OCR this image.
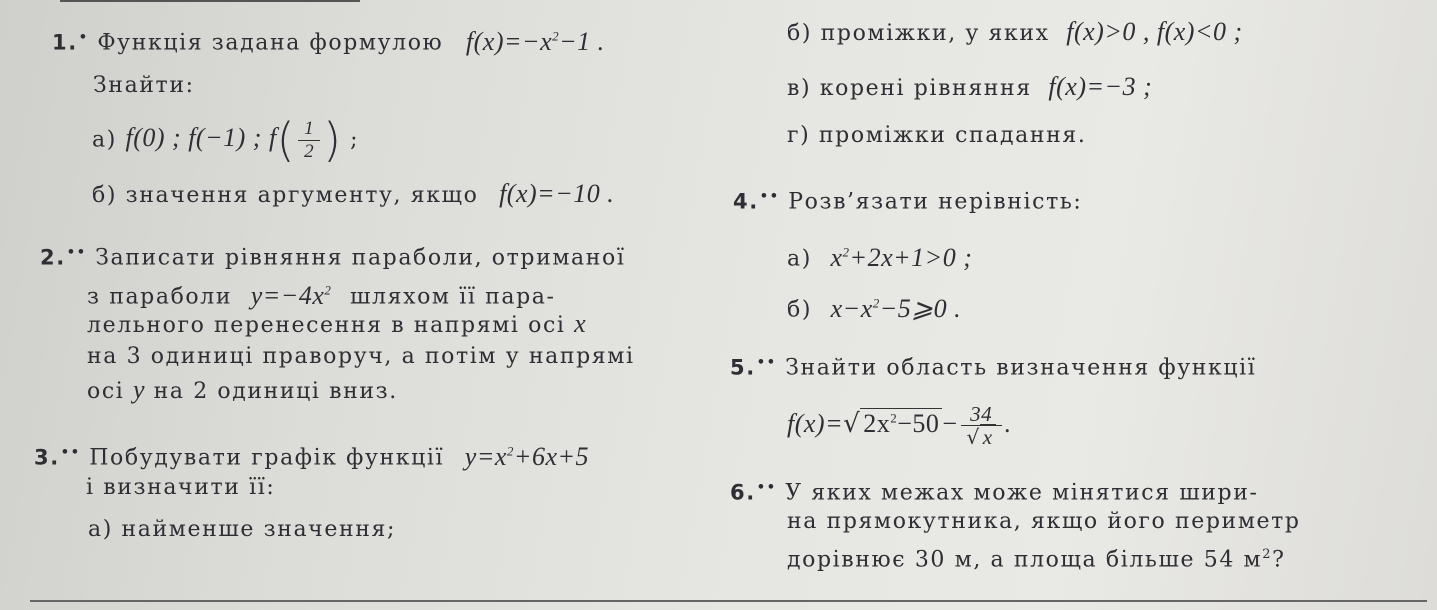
1.• Функція задана формулою $f(x)=-x^2-1$ .
Знайти:
а) f(0) ; f(−1) ; $f( \frac{1}{2}$ ) ;
б) значення аргументу, якщо f(x)=−10 .
2.•• Записати рівняння параболи, отриманої
з параболи $y=-4x^2$ шляхом її пара-
лельного перенесення в напрямі осі x
на 3 одиниці праворуч, а потім у напрямі
осі y на 2 одиниці вниз.
3.•• Побудувати графік функції $y=x^2+6x+5$
і визначити її:
а) найменше значення;
б) проміжки, у яких f(x)>0 , f(x)<0 ;
в) корені рівняння f(x)=−3 ;
г) проміжки спадання.
4.•• Розв’язати нерівність:
а) $x^2+2x+1>0$ ;
б) $x-x^2-5⩾0$ .
5.•• Знайти область визначення функції
f(x)=√ $2x^2-50 - \frac{34}{√ x}$ .
6.•• У яких межах може мінятися шири-
на прямокутника, якщо його периметр
дорівнює 30 м, а площа більше 54 $м^2$?
